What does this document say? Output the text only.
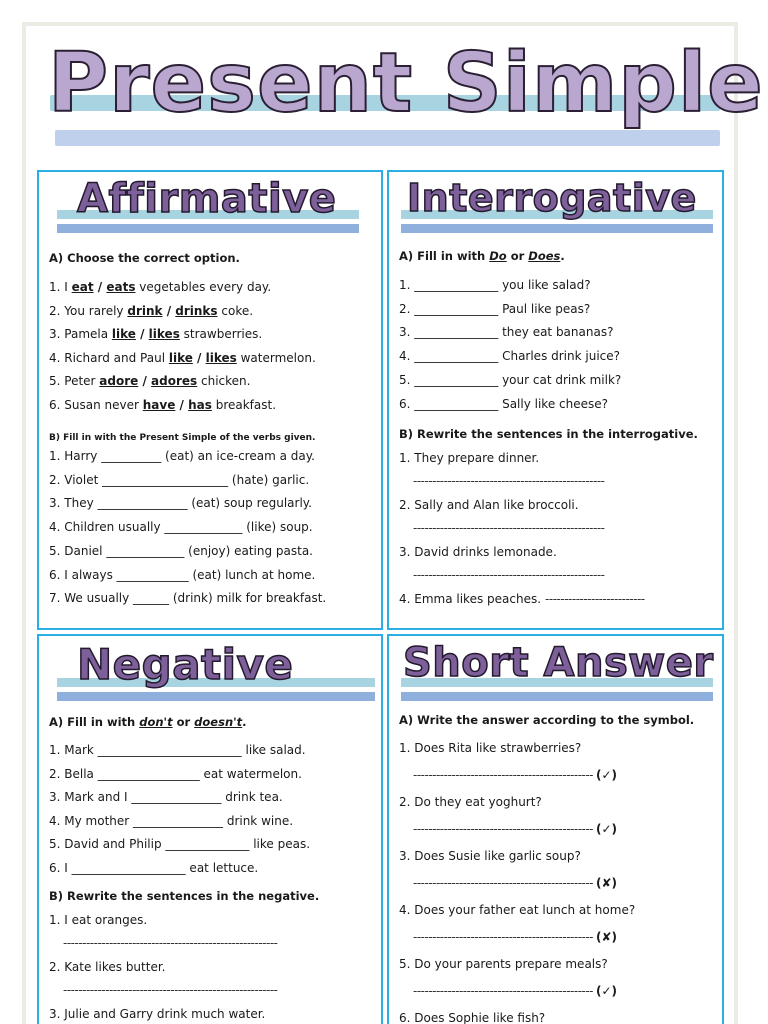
Present Simple
Affirmative
A) Choose the correct option.
1. I eat / eats vegetables every day.
2. You rarely drink / drinks coke.
3. Pamela like / likes strawberries.
4. Richard and Paul like / likes watermelon.
5. Peter adore / adores chicken.
6. Susan never have / has breakfast.
B) Fill in with the Present Simple of the verbs given.
1. Harry __________ (eat) an ice-cream a day.
2. Violet _____________________ (hate) garlic.
3. They _______________ (eat) soup regularly.
4. Children usually _____________ (like) soup.
5. Daniel _____________ (enjoy) eating pasta.
6. I always ____________ (eat) lunch at home.
7. We usually ______ (drink) milk for breakfast.
Interrogative
A) Fill in with Do or Does.
1. ______________ you like salad?
2. ______________ Paul like peas?
3. ______________ they eat bananas?
4. ______________ Charles drink juice?
5. ______________ your cat drink milk?
6. ______________ Sally like cheese?
B) Rewrite the sentences in the interrogative.
1. They prepare dinner.
--------------------------------------------------
2. Sally and Alan like broccoli.
--------------------------------------------------
3. David drinks lemonade.
--------------------------------------------------
4. Emma likes peaches. --------------------------
Negative
A) Fill in with don't or doesn't.
1. Mark ________________________ like salad.
2. Bella _________________ eat watermelon.
3. Mark and I _______________ drink tea.
4. My mother _______________ drink wine.
5. David and Philip ______________ like peas.
6. I ___________________ eat lettuce.
B) Rewrite the sentences in the negative.
1. I eat oranges.
--------------------------------------------------------
2. Kate likes butter.
--------------------------------------------------------
3. Julie and Garry drink much water.
Short Answer
A) Write the answer according to the symbol.
1. Does Rita like strawberries?
----------------------------------------------- (✓)
2. Do they eat yoghurt?
----------------------------------------------- (✓)
3. Does Susie like garlic soup?
----------------------------------------------- (✘)
4. Does your father eat lunch at home?
----------------------------------------------- (✘)
5. Do your parents prepare meals?
----------------------------------------------- (✓)
6. Does Sophie like fish?
